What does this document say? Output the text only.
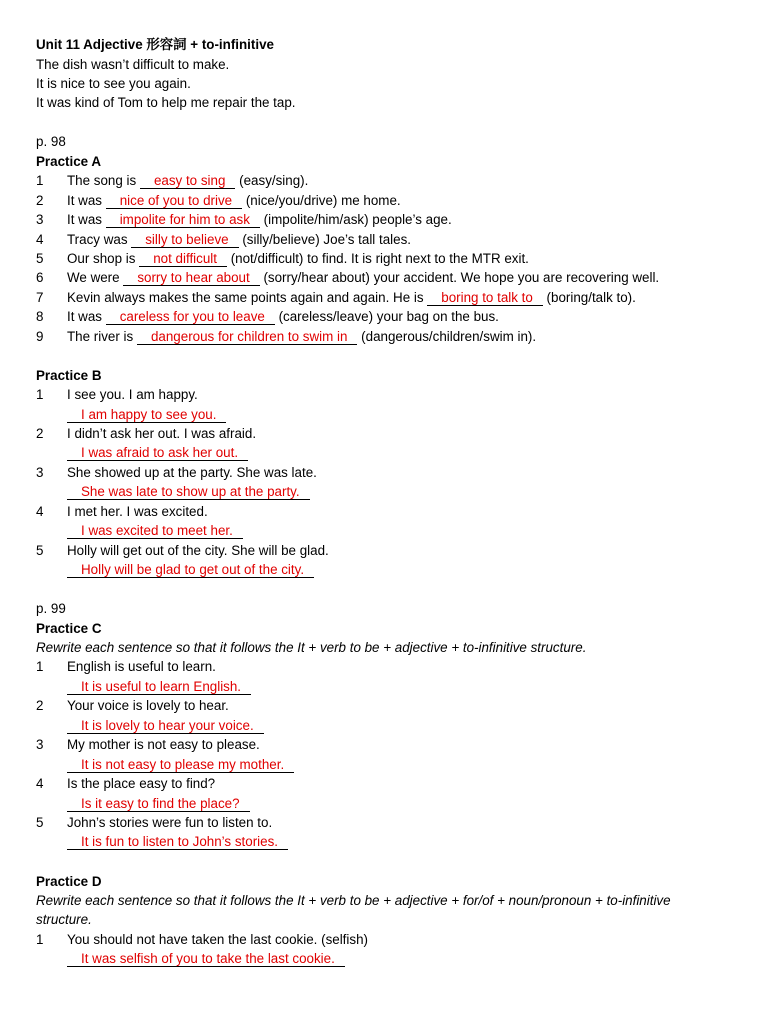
Unit 11 Adjective 形容詞 + to-infinitive
The dish wasn’t difficult to make.
It is nice to see you again.
It was kind of Tom to help me repair the tap.
p. 98
Practice A
1 The song is easy to sing (easy/sing).
2 It was nice of you to drive (nice/you/drive) me home.
3 It was impolite for him to ask (impolite/him/ask) people’s age.
4 Tracy was silly to believe (silly/believe) Joe’s tall tales.
5 Our shop is not difficult (not/difficult) to find. It is right next to the MTR exit.
6 We were sorry to hear about (sorry/hear about) your accident. We hope you are recovering well.
7 Kevin always makes the same points again and again. He is boring to talk to (boring/talk to).
8 It was careless for you to leave (careless/leave) your bag on the bus.
9 The river is dangerous for children to swim in (dangerous/children/swim in).
Practice B
1 I see you. I am happy.
I am happy to see you.
2 I didn’t ask her out. I was afraid.
I was afraid to ask her out.
3 She showed up at the party. She was late.
She was late to show up at the party.
4 I met her. I was excited.
I was excited to meet her.
5 Holly will get out of the city. She will be glad.
Holly will be glad to get out of the city.
p. 99
Practice C
Rewrite each sentence so that it follows the It + verb to be + adjective + to-infinitive structure.
1 English is useful to learn.
It is useful to learn English.
2 Your voice is lovely to hear.
It is lovely to hear your voice.
3 My mother is not easy to please.
It is not easy to please my mother.
4 Is the place easy to find?
Is it easy to find the place?
5 John’s stories were fun to listen to.
It is fun to listen to John’s stories.
Practice D
Rewrite each sentence so that it follows the It + verb to be + adjective + for/of + noun/pronoun + to-infinitive
structure.
1 You should not have taken the last cookie. (selfish)
It was selfish of you to take the last cookie.
